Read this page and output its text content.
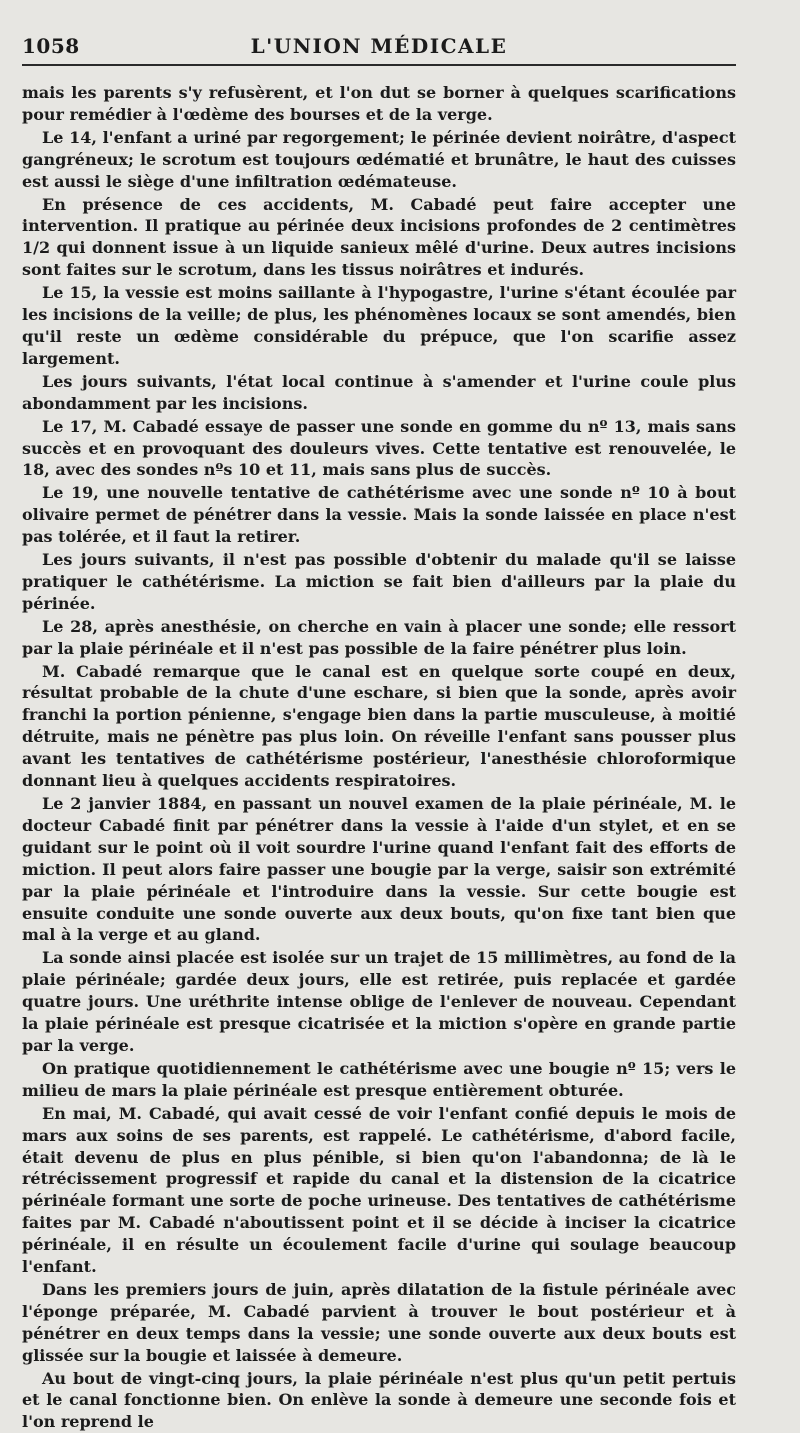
1058	L'UNION MÉDICALE

mais les parents s'y refusèrent, et l'on dut se borner à quelques scarifications pour remédier à l'œdème des bourses et de la verge.

Le 14, l'enfant a uriné par regorgement; le périnée devient noirâtre, d'aspect gangréneux; le scrotum est toujours œdématié et brunâtre, le haut des cuisses est aussi le siège d'une infiltration œdémateuse.

En présence de ces accidents, M. Cabadé peut faire accepter une intervention. Il pratique au périnée deux incisions profondes de 2 centimètres 1/2 qui donnent issue à un liquide sanieux mêlé d'urine. Deux autres incisions sont faites sur le scrotum, dans les tissus noirâtres et indurés.

Le 15, la vessie est moins saillante à l'hypogastre, l'urine s'étant écoulée par les incisions de la veille; de plus, les phénomènes locaux se sont amendés, bien qu'il reste un œdème considérable du prépuce, que l'on scarifie assez largement.

Les jours suivants, l'état local continue à s'amender et l'urine coule plus abondamment par les incisions.

Le 17, M. Cabadé essaye de passer une sonde en gomme du nº 13, mais sans succès et en provoquant des douleurs vives. Cette tentative est renouvelée, le 18, avec des sondes nºs 10 et 11, mais sans plus de succès.

Le 19, une nouvelle tentative de cathétérisme avec une sonde nº 10 à bout olivaire permet de pénétrer dans la vessie. Mais la sonde laissée en place n'est pas tolérée, et il faut la retirer.

Les jours suivants, il n'est pas possible d'obtenir du malade qu'il se laisse pratiquer le cathétérisme. La miction se fait bien d'ailleurs par la plaie du périnée.

Le 28, après anesthésie, on cherche en vain à placer une sonde; elle ressort par la plaie périnéale et il n'est pas possible de la faire pénétrer plus loin.

M. Cabadé remarque que le canal est en quelque sorte coupé en deux, résultat probable de la chute d'une eschare, si bien que la sonde, après avoir franchi la portion pénienne, s'engage bien dans la partie musculeuse, à moitié détruite, mais ne pénètre pas plus loin. On réveille l'enfant sans pousser plus avant les tentatives de cathétérisme postérieur, l'anesthésie chloroformique donnant lieu à quelques accidents respiratoires.

Le 2 janvier 1884, en passant un nouvel examen de la plaie périnéale, M. le docteur Cabadé finit par pénétrer dans la vessie à l'aide d'un stylet, et en se guidant sur le point où il voit sourdre l'urine quand l'enfant fait des efforts de miction. Il peut alors faire passer une bougie par la verge, saisir son extrémité par la plaie périnéale et l'introduire dans la vessie. Sur cette bougie est ensuite conduite une sonde ouverte aux deux bouts, qu'on fixe tant bien que mal à la verge et au gland.

La sonde ainsi placée est isolée sur un trajet de 15 millimètres, au fond de la plaie périnéale; gardée deux jours, elle est retirée, puis replacée et gardée quatre jours. Une uréthrite intense oblige de l'enlever de nouveau. Cependant la plaie périnéale est presque cicatrisée et la miction s'opère en grande partie par la verge.

On pratique quotidiennement le cathétérisme avec une bougie nº 15; vers le milieu de mars la plaie périnéale est presque entièrement obturée.

En mai, M. Cabadé, qui avait cessé de voir l'enfant confié depuis le mois de mars aux soins de ses parents, est rappelé. Le cathétérisme, d'abord facile, était devenu de plus en plus pénible, si bien qu'on l'abandonna; de là le rétrécissement progressif et rapide du canal et la distension de la cicatrice périnéale formant une sorte de poche urineuse. Des tentatives de cathétérisme faites par M. Cabadé n'aboutissent point et il se décide à inciser la cicatrice périnéale, il en résulte un écoulement facile d'urine qui soulage beaucoup l'enfant.

Dans les premiers jours de juin, après dilatation de la fistule périnéale avec l'éponge préparée, M. Cabadé parvient à trouver le bout postérieur et à pénétrer en deux temps dans la vessie; une sonde ouverte aux deux bouts est glissée sur la bougie et laissée à demeure.

Au bout de vingt-cinq jours, la plaie périnéale n'est plus qu'un petit pertuis et le canal fonctionne bien. On enlève la sonde à demeure une seconde fois et l'on reprend le
